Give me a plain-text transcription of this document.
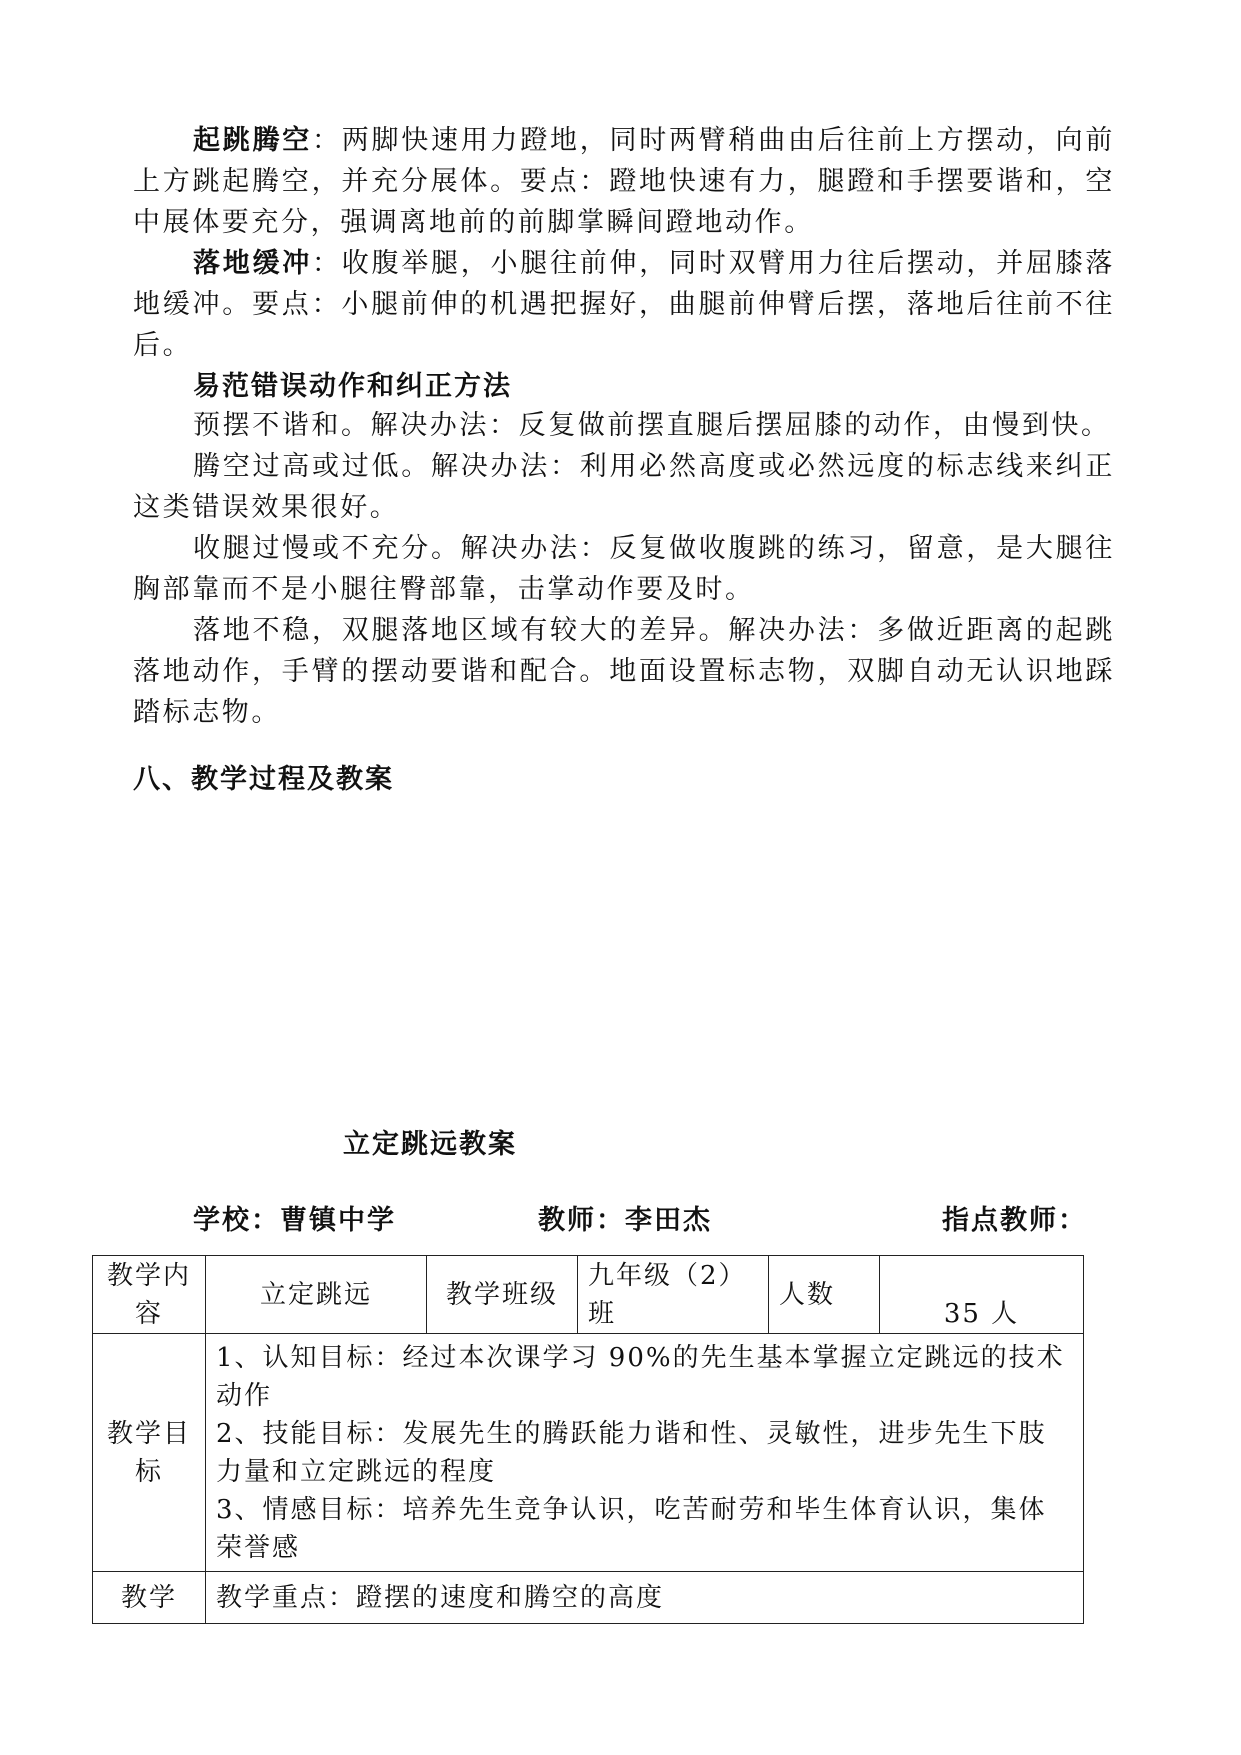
起跳腾空：两脚快速用力蹬地，同时两臂稍曲由后往前上方摆动，向前上方跳起腾空，并充分展体。要点：蹬地快速有力，腿蹬和手摆要谐和，空中展体要充分，强调离地前的前脚掌瞬间蹬地动作。

落地缓冲：收腹举腿，小腿往前伸，同时双臂用力往后摆动，并屈膝落地缓冲。要点：小腿前伸的机遇把握好，曲腿前伸臂后摆，落地后往前不往后。

易范错误动作和纠正方法

预摆不谐和。解决办法：反复做前摆直腿后摆屈膝的动作，由慢到快。

腾空过高或过低。解决办法：利用必然高度或必然远度的标志线来纠正这类错误效果很好。

收腿过慢或不充分。解决办法：反复做收腹跳的练习，留意，是大腿往胸部靠而不是小腿往臀部靠，击掌动作要及时。

落地不稳，双腿落地区域有较大的差异。解决办法：多做近距离的起跳落地动作，手臂的摆动要谐和配合。地面设置标志物，双脚自动无认识地踩踏标志物。

八、教学过程及教案

立定跳远教案

学校：曹镇中学	教师：李田杰	指点教师：
教学内容	立定跳远	教学班级	九年级（2）班	人数	35 人
教学目标	1、认知目标：经过本次课学习 90%的先生基本掌握立定跳远的技术动作
2、技能目标：发展先生的腾跃能力谐和性、灵敏性，进步先生下肢力量和立定跳远的程度
3、情感目标：培养先生竞争认识，吃苦耐劳和毕生体育认识，集体荣誉感				

教学	教学重点：蹬摆的速度和腾空的高度				
